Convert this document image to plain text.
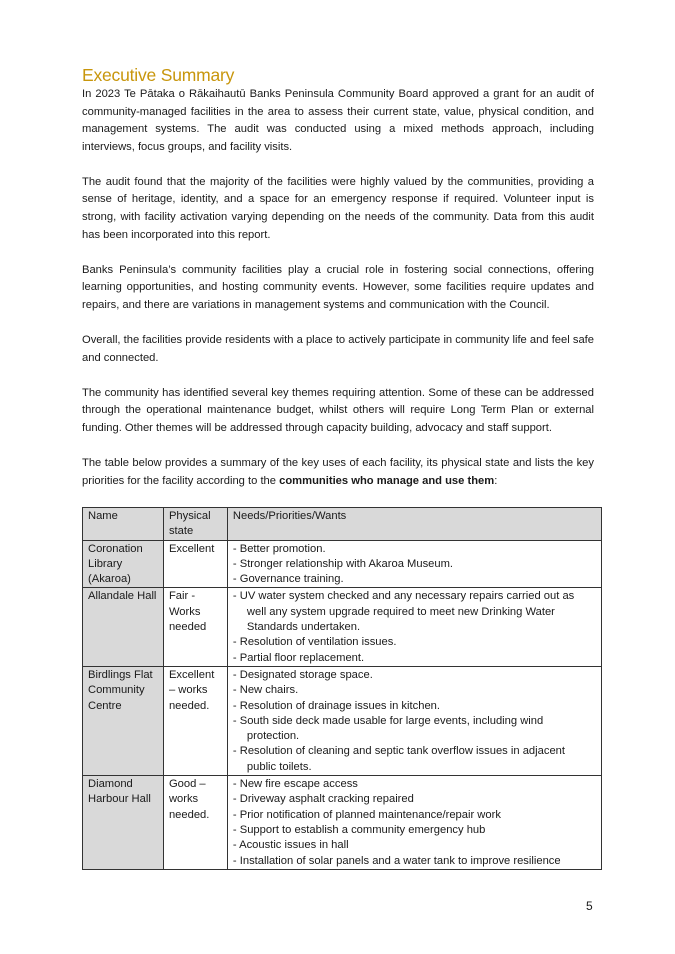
Executive Summary

In 2023 Te Pātaka o Rākaihautū Banks Peninsula Community Board approved a grant for an audit of community-managed facilities in the area to assess their current state, value, physical condition, and management systems. The audit was conducted using a mixed methods approach, including interviews, focus groups, and facility visits.

The audit found that the majority of the facilities were highly valued by the communities, providing a sense of heritage, identity, and a space for an emergency response if required. Volunteer input is strong, with facility activation varying depending on the needs of the community. Data from this audit has been incorporated into this report.

Banks Peninsula’s community facilities play a crucial role in fostering social connections, offering learning opportunities, and hosting community events. However, some facilities require updates and repairs, and there are variations in management systems and communication with the Council.

Overall, the facilities provide residents with a place to actively participate in community life and feel safe and connected.

The community has identified several key themes requiring attention. Some of these can be addressed through the operational maintenance budget, whilst others will require Long Term Plan or external funding. Other themes will be addressed through capacity building, advocacy and staff support.

The table below provides a summary of the key uses of each facility, its physical state and lists the key priorities for the facility according to the communities who manage and use them:

Name	Physical state	Needs/Priorities/Wants
Coronation Library (Akaroa)	Excellent	- Better promotion.
- Stronger relationship with Akaroa Museum.
- Governance training.

Allandale Hall	Fair - Works needed	
- UV water system checked and any necessary repairs carried out as well any system upgrade required to meet new Drinking Water Standards undertaken.
- Resolution of ventilation issues.
- Partial floor replacement.

Birdlings Flat Community Centre	Excellent – works needed.	
- Designated storage space.
- New chairs.
- Resolution of drainage issues in kitchen.
- South side deck made usable for large events, including wind protection.
- Resolution of cleaning and septic tank overflow issues in adjacent public toilets.

Diamond Harbour Hall	Good – works needed.	
- New fire escape access
- Driveway asphalt cracking repaired
- Prior notification of planned maintenance/repair work
- Support to establish a community emergency hub
- Acoustic issues in hall
- Installation of solar panels and a water tank to improve resilience
5
